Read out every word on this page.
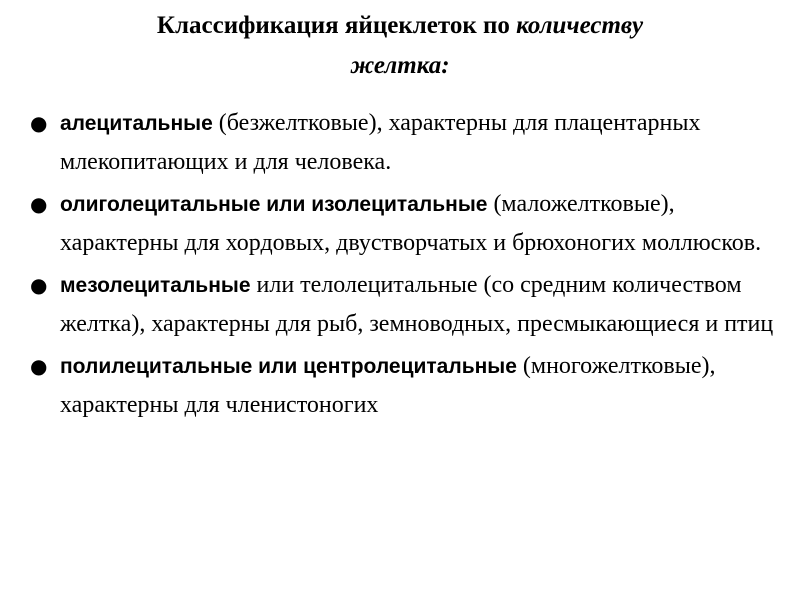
Классификация яйцеклеток по количеству
желтка:
● алецитальные (безжелтковые), характерны для плацентарных млекопитающих и для человека.
● олиголецитальные или изолецитальные (маложелтковые), характерны для хордовых, двустворчатых и брюхоногих моллюсков.
● мезолецитальные или телолецитальные (со средним количеством желтка), характерны для рыб, земноводных, пресмыкающиеся и птиц
● полилецитальные или центролецитальные (многожелтковые), характерны для членистоногих
